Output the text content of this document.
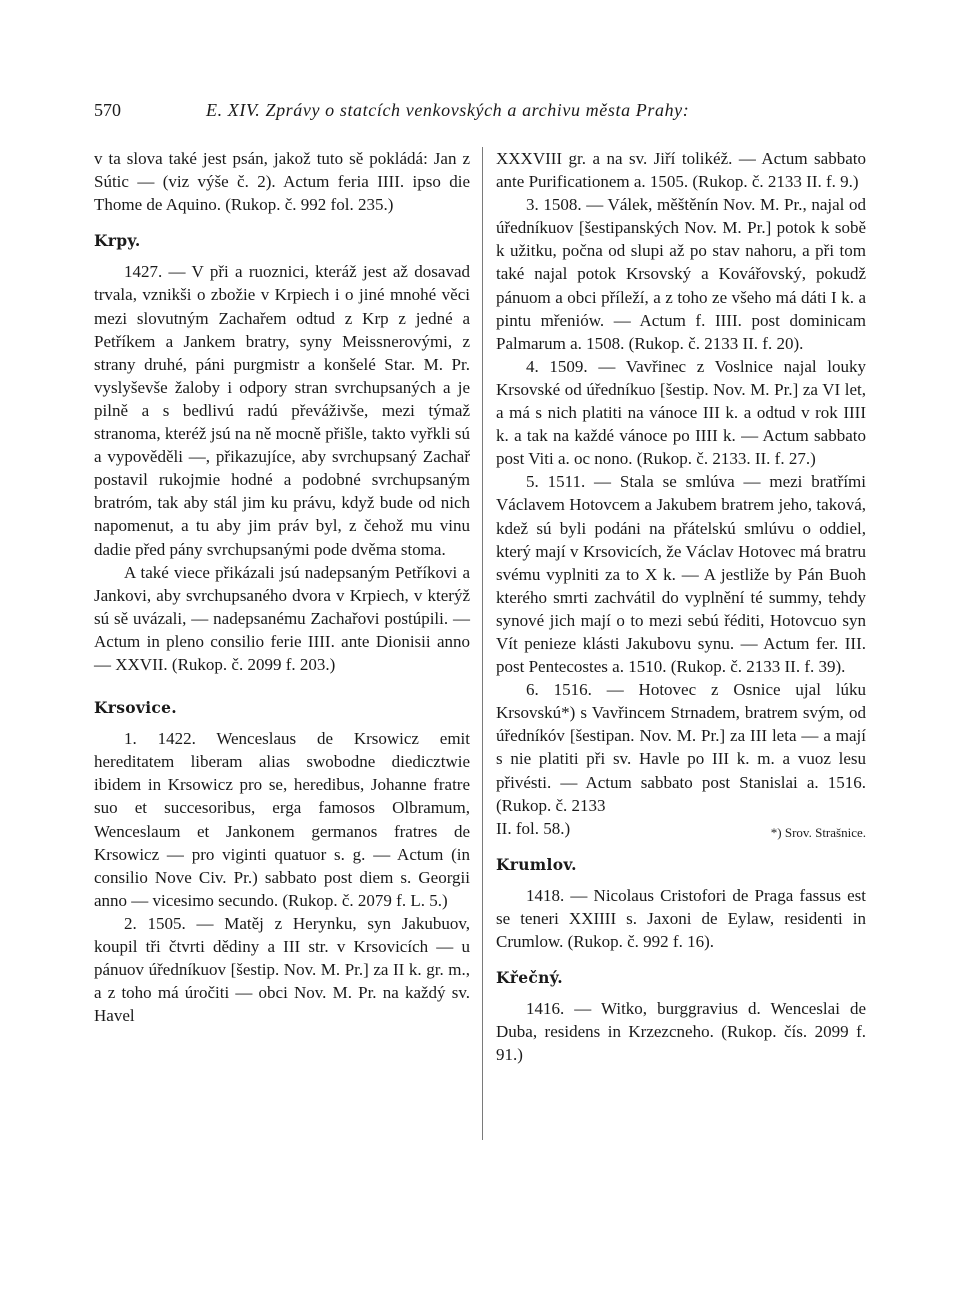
570	E. XIV. Zprávy o statcích venkovských a archivu města Prahy:

v ta slova také jest psán, jakož tuto sě pokládá: Jan z Sútic — (viz výše č. 2). Actum feria IIII. ipso die Thome de Aquino. (Rukop. č. 992 fol. 235.)

Krpy.

1427. — V při a ruoznici, kteráž jest až dosavad trvala, vznikši o zbožie v Krpiech i o jiné mnohé věci mezi slovutným Zachařem odtud z Krp z jedné a Petříkem a Jankem bratry, syny Meissnerovými, z strany druhé, páni purgmistr a konšelé Star. M. Pr. vyslyševše žaloby i odpory stran svrchupsaných a je pilně a s bedlivú radú převáživše, mezi týmaž stranoma, kteréž jsú na ně mocně přišle, takto vyřkli sú a vypověděli —, přikazujíce, aby svrchupsaný Zachař postavil rukojmie hodné a podobné svrchupsaným bratróm, tak aby stál jim ku právu, když bude od nich napomenut, a tu aby jim práv byl, z čehož mu vinu dadie před pány svrchupsanými pode dvěma stoma.

A také viece přikázali jsú nadepsaným Petříkovi a Jankovi, aby svrchupsaného dvora v Krpiech, v kterýž sú sě uvázali, — nadepsanému Zachařovi postúpili. — Actum in pleno consilio ferie IIII. ante Dionisii anno — XXVII. (Rukop. č. 2099 f. 203.)

Krsovice.

1. 1422. Wenceslaus de Krsowicz emit hereditatem liberam alias swobodne diedicztwie ibidem in Krsowicz pro se, heredibus, Johanne fratre suo et succesoribus, erga famosos Olbramum, Wenceslaum et Jankonem germanos fratres de Krsowicz — pro viginti quatuor s. g. — Actum (in consilio Nove Civ. Pr.) sabbato post diem s. Georgii anno — vicesimo secundo. (Rukop. č. 2079 f. L. 5.)

2. 1505. — Matěj z Herynku, syn Jakubuov, koupil tři čtvrti dědiny a III str. v Krsovicích — u pánuov úředníkuov [šestip. Nov. M. Pr.] za II k. gr. m., a z toho má úročiti — obci Nov. M. Pr. na každý sv. Havel

XXXVIII gr. a na sv. Jiří tolikéž. — Actum sabbato ante Purificationem a. 1505. (Rukop. č. 2133 II. f. 9.)

3. 1508. — Válek, měštěnín Nov. M. Pr., najal od úředníkuov [šestipanských Nov. M. Pr.] potok k sobě k užitku, počna od slupi až po stav nahoru, a při tom také najal potok Krsovský a Kovářovský, pokudž pánuom a obci příleží, a z toho ze všeho má dáti I k. a pintu mřeniów. — Actum f. IIII. post dominicam Palmarum a. 1508. (Rukop. č. 2133 II. f. 20).

4. 1509. — Vavřinec z Voslnice najal louky Krsovské od úředníkuo [šestip. Nov. M. Pr.] za VI let, a má s nich platiti na vánoce III k. a odtud v rok IIII k. a tak na každé vánoce po IIII k. — Actum sabbato post Viti a. oc nono. (Rukop. č. 2133. II. f. 27.)

5. 1511. — Stala se smlúva — mezi bratřími Václavem Hotovcem a Jakubem bratrem jeho, taková, kdež sú byli podáni na přátelskú smlúvu o oddiel, který mají v Krsovicích, že Václav Hotovec má bratru svému vyplniti za to X k. — A jestliže by Pán Buoh kterého smrti zachvátil do vyplnění té summy, tehdy synové jich mají o to mezi sebú řéditi, Hotovcuo syn Vít penieze klásti Jakubovu synu. — Actum fer. III. post Pentecostes a. 1510. (Rukop. č. 2133 II. f. 39).

6. 1516. — Hotovec z Osnice ujal lúku Krsovskú*) s Vavřincem Strnadem, bratrem svým, od úředníkóv [šestipan. Nov. M. Pr.] za III leta — a mají s nie platiti při sv. Havle po III k. m. a vuoz lesu přivésti. — Actum sabbato post Stanislai a. 1516. (Rukop. č. 2133

II. fol. 58.)	*) Srov. Strašnice.
Krumlov.

1418. — Nicolaus Cristofori de Praga fassus est se teneri XXIIII s. Jaxoni de Eylaw, residenti in Crumlow. (Rukop. č. 992 f. 16).

Křečný.

1416. — Witko, burggravius d. Wenceslai de Duba, residens in Krzezcneho. (Rukop. čís. 2099 f. 91.)
